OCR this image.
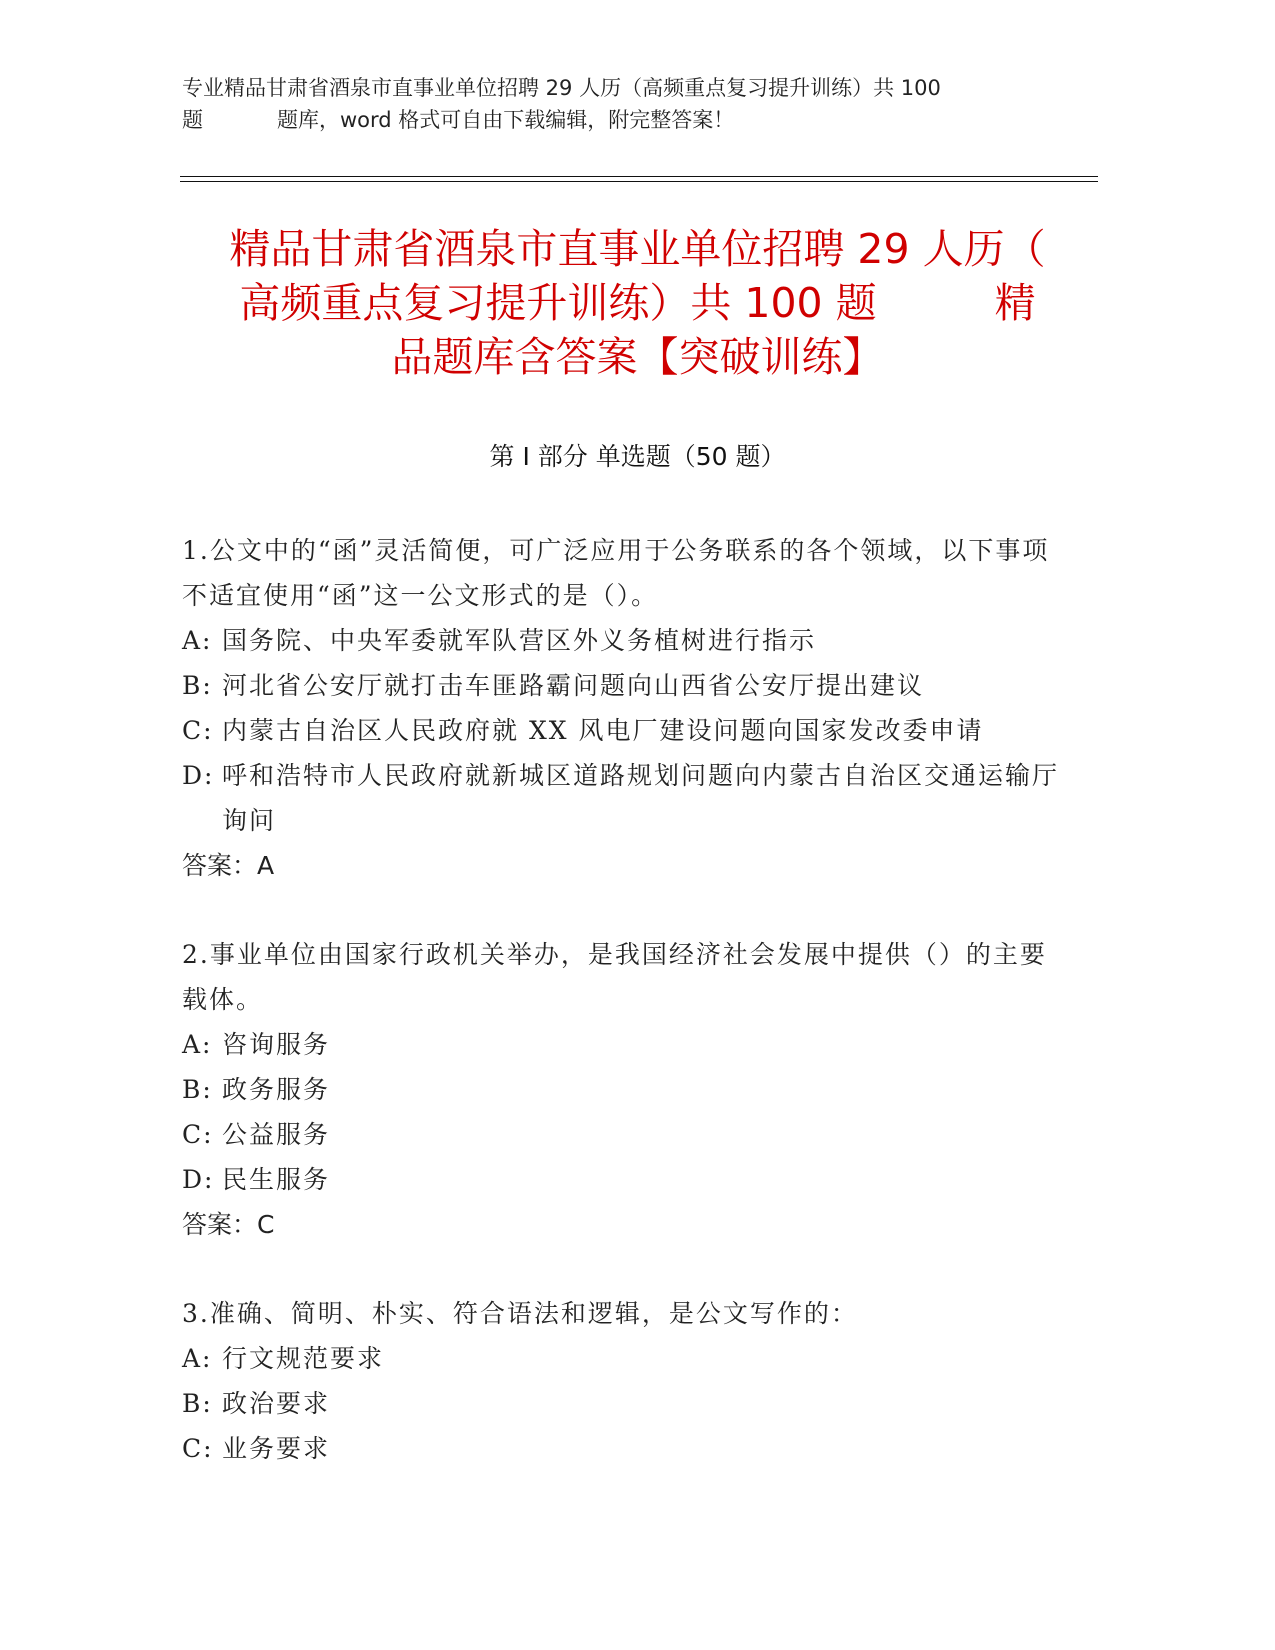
专业精品甘肃省酒泉市直事业单位招聘 29 人历（高频重点复习提升训练）共 100
题	题库，word 格式可自由下载编辑，附完整答案！
精品甘肃省酒泉市直事业单位招聘 29 人历（
高频重点复习提升训练）共 100 题	精
品题库含答案【突破训练】
第 I 部分 单选题（50 题）

1.公文中的“函”灵活简便，可广泛应用于公务联系的各个领域，以下事项不适宜使用“函”这一公文形式的是（）。

A: 国务院、中央军委就军队营区外义务植树进行指示

B: 河北省公安厅就打击车匪路霸问题向山西省公安厅提出建议

C: 内蒙古自治区人民政府就 XX 风电厂建设问题向国家发改委申请

D: 呼和浩特市人民政府就新城区道路规划问题向内蒙古自治区交通运输厅询问

答案：A

2.事业单位由国家行政机关举办，是我国经济社会发展中提供（）的主要载体。

A: 咨询服务

B: 政务服务

C: 公益服务

D: 民生服务

答案：C

3.准确、简明、朴实、符合语法和逻辑，是公文写作的：

A: 行文规范要求

B: 政治要求

C: 业务要求
